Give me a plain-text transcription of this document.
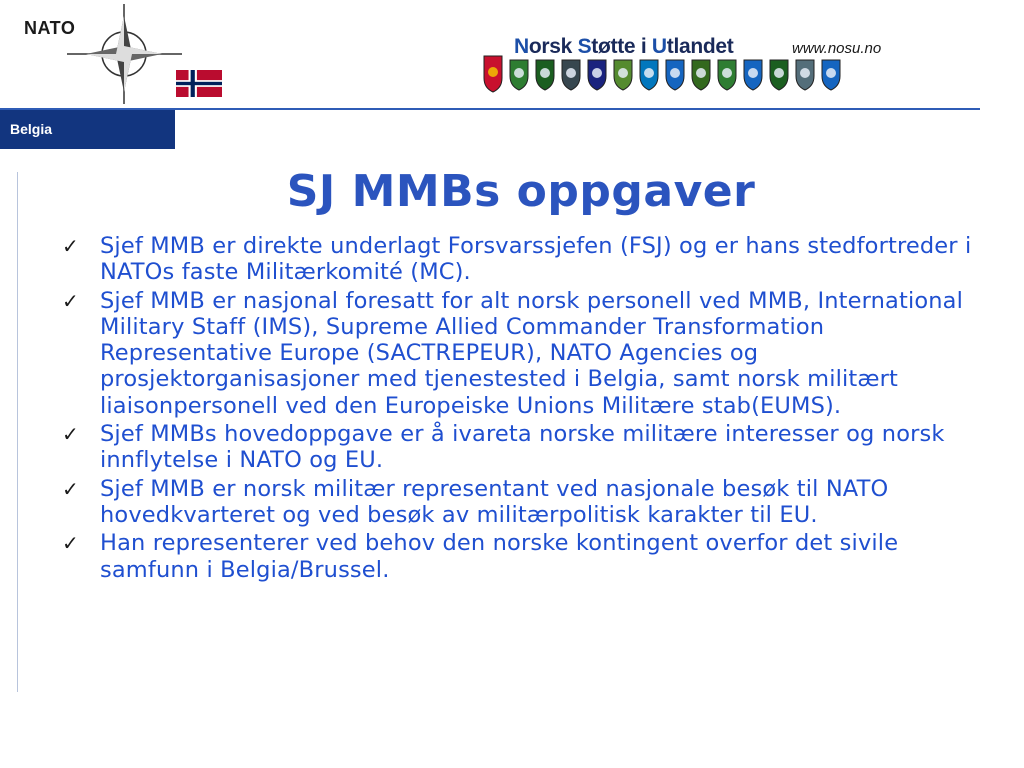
NATO
Norsk Støtte i Utlandet	www.nosu.no
Belgia
SJ MMBs oppgaver
✓ Sjef MMB er direkte underlagt Forsvarssjefen (FSJ) og er hans stedfortreder i NATOs faste Militærkomité (MC).
✓ Sjef MMB er nasjonal foresatt for alt norsk personell ved MMB, International Military Staff (IMS), Supreme Allied Commander Transformation Representative Europe (SACTREPEUR), NATO Agencies og prosjektorganisasjoner med tjenestested i Belgia, samt norsk militært liaisonpersonell ved den Europeiske Unions Militære stab(EUMS).
✓ Sjef MMBs hovedoppgave er å ivareta norske militære interesser og norsk innflytelse i NATO og EU.
✓ Sjef MMB er norsk militær representant ved nasjonale besøk til NATO hovedkvarteret og ved besøk av militærpolitisk karakter til EU.
✓ Han representerer ved behov den norske kontingent overfor det sivile samfunn i Belgia/Brussel.
